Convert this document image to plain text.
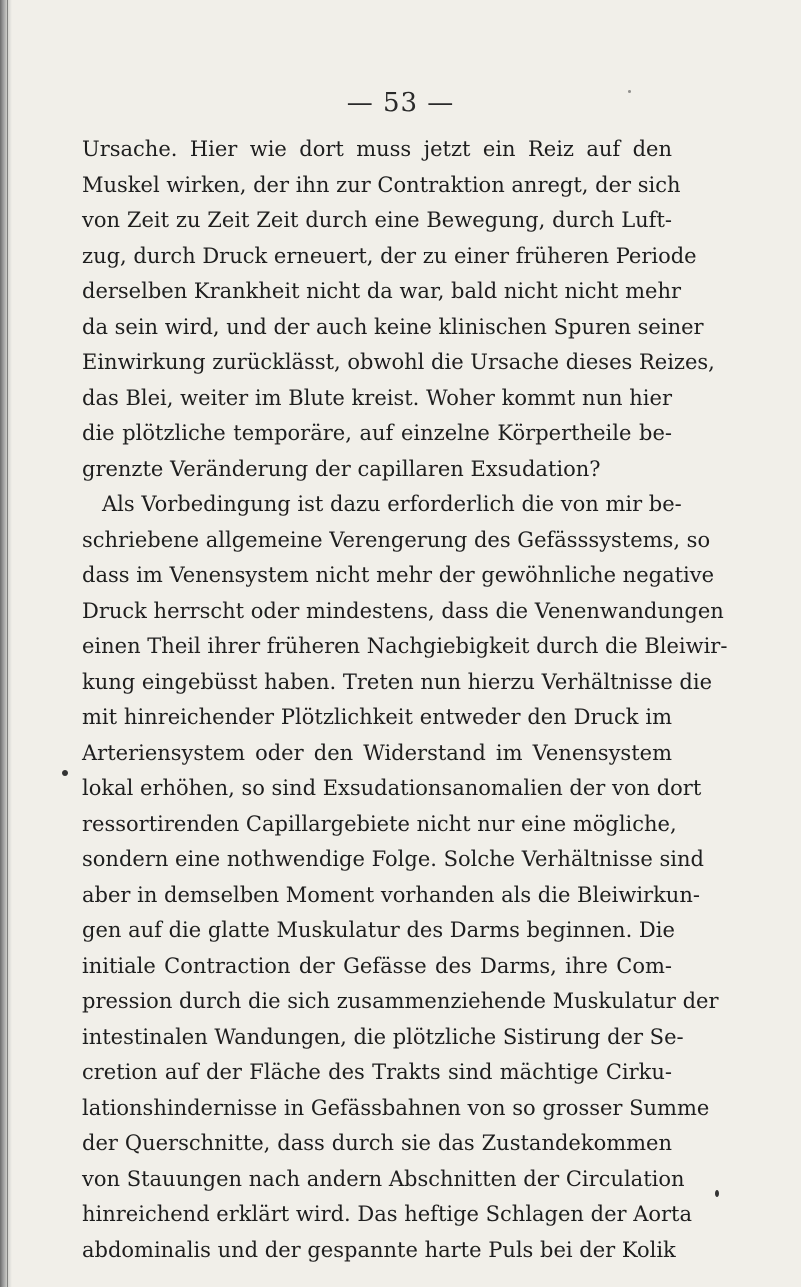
— 53 —
Ursache. Hier wie dort muss jetzt ein Reiz auf den
Muskel wirken, der ihn zur Contraktion anregt, der sich
von Zeit zu Zeit Zeit durch eine Bewegung, durch Luft-
zug, durch Druck erneuert, der zu einer früheren Periode
derselben Krankheit nicht da war, bald nicht nicht mehr
da sein wird, und der auch keine klinischen Spuren seiner
Einwirkung zurücklässt, obwohl die Ursache dieses Reizes,
das Blei, weiter im Blute kreist. Woher kommt nun hier
die plötzliche temporäre, auf einzelne Körpertheile be-
grenzte Veränderung der capillaren Exsudation?
Als Vorbedingung ist dazu erforderlich die von mir be-
schriebene allgemeine Verengerung des Gefässsystems, so
dass im Venensystem nicht mehr der gewöhnliche negative
Druck herrscht oder mindestens, dass die Venenwandungen
einen Theil ihrer früheren Nachgiebigkeit durch die Bleiwir-
kung eingebüsst haben. Treten nun hierzu Verhältnisse die
mit hinreichender Plötzlichkeit entweder den Druck im
Arteriensystem oder den Widerstand im Venensystem
lokal erhöhen, so sind Exsudationsanomalien der von dort
ressortirenden Capillargebiete nicht nur eine mögliche,
sondern eine nothwendige Folge. Solche Verhältnisse sind
aber in demselben Moment vorhanden als die Bleiwirkun-
gen auf die glatte Muskulatur des Darms beginnen. Die
initiale Contraction der Gefässe des Darms, ihre Com-
pression durch die sich zusammenziehende Muskulatur der
intestinalen Wandungen, die plötzliche Sistirung der Se-
cretion auf der Fläche des Trakts sind mächtige Cirku-
lationshindernisse in Gefässbahnen von so grosser Summe
der Querschnitte, dass durch sie das Zustandekommen
von Stauungen nach andern Abschnitten der Circulation
hinreichend erklärt wird. Das heftige Schlagen der Aorta
abdominalis und der gespannte harte Puls bei der Kolik
